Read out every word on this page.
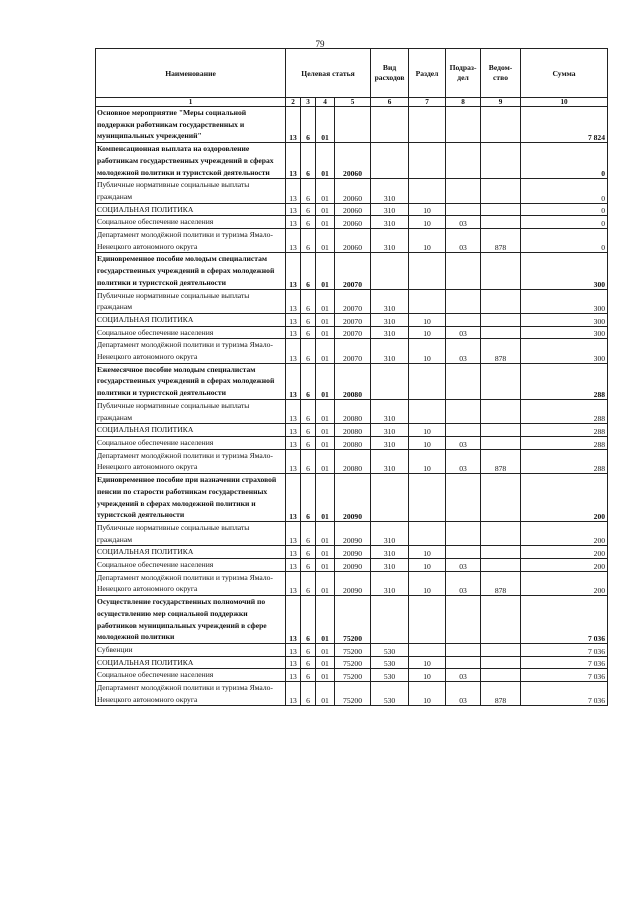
79
Наименование	Целевая статья				Вид расходов	Раздел	Подраз-дел	Ведом-ство	Сумма
1	2	3	4	5	6	7	8	9	10
Основное мероприятие "Меры социальной поддержки работникам государственных и муниципальных учреждений"	13	6	01						7 824
Компенсационная выплата на оздоровление работникам государственных учреждений в сферах молодежной политики и туристской деятельности	13	6	01	20060					0
Публичные нормативные социальные выплаты гражданам	13	6	01	20060	310				0
СОЦИАЛЬНАЯ ПОЛИТИКА	13	6	01	20060	310	10			0
Социальное обеспечение населения	13	6	01	20060	310	10	03		0
Департамент молодёжной политики и туризма Ямало-Ненецкого автономного округа	13	6	01	20060	310	10	03	878	0
Единовременное пособие молодым специалистам государственных учреждений в сферах молодежной политики и туристской деятельности	13	6	01	20070					300
Публичные нормативные социальные выплаты гражданам	13	6	01	20070	310				300
СОЦИАЛЬНАЯ ПОЛИТИКА	13	6	01	20070	310	10			300
Социальное обеспечение населения	13	6	01	20070	310	10	03		300
Департамент молодёжной политики и туризма Ямало-Ненецкого автономного округа	13	6	01	20070	310	10	03	878	300
Ежемесячное пособие молодым специалистам государственных учреждений в сферах молодежной политики и туристской деятельности	13	6	01	20080					288
Публичные нормативные социальные выплаты гражданам	13	6	01	20080	310				288
СОЦИАЛЬНАЯ ПОЛИТИКА	13	6	01	20080	310	10			288
Социальное обеспечение населения	13	6	01	20080	310	10	03		288
Департамент молодёжной политики и туризма Ямало-Ненецкого автономного округа	13	6	01	20080	310	10	03	878	288
Единовременное пособие при назначении страховой пенсии по старости работникам государственных учреждений в сферах молодежной политики и туристской деятельности	13	6	01	20090					200
Публичные нормативные социальные выплаты гражданам	13	6	01	20090	310				200
СОЦИАЛЬНАЯ ПОЛИТИКА	13	6	01	20090	310	10			200
Социальное обеспечение населения	13	6	01	20090	310	10	03		200
Департамент молодёжной политики и туризма Ямало-Ненецкого автономного округа	13	6	01	20090	310	10	03	878	200
Осуществление государственных полномочий по осуществлению мер социальной поддержки работников муниципальных учреждений в сфере молодежной политики	13	6	01	75200					7 036
Субвенции	13	6	01	75200	530				7 036
СОЦИАЛЬНАЯ ПОЛИТИКА	13	6	01	75200	530	10			7 036
Социальное обеспечение населения	13	6	01	75200	530	10	03		7 036
Департамент молодёжной политики и туризма Ямало-Ненецкого автономного округа	13	6	01	75200	530	10	03	878	7 036
